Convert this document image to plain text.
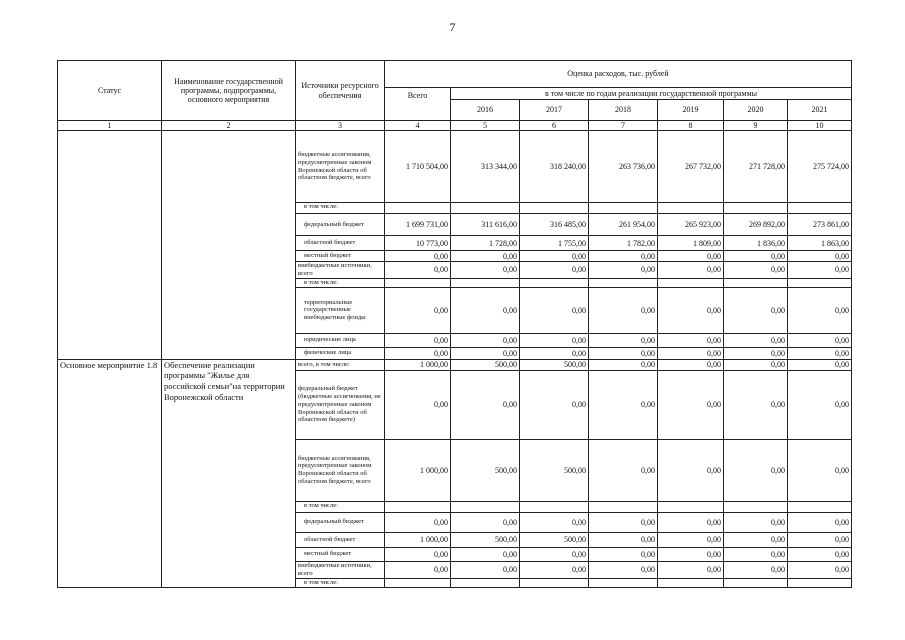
7
Статус	Наименование государственной программы, подпрограммы, основного мероприятия	Источники ресурсного обеспечения	Оценка расходов, тыс. рублей						
			Всего	в том числе по годам реализации государственной программы					
				2016	2017	2018	2019	2020	2021
1	2	3	4	5	6	7	8	9	10
		бюджетные ассигнования, предусмотренные законом Воронежской области об областном бюджете, всего	1 710 504,00	313 344,00	318 240,00	263 736,00	267 732,00	271 728,00	275 724,00
		в том числе:							
		федеральный бюджет	1 699 731,00	311 616,00	316 485,00	261 954,00	265 923,00	269 892,00	273 861,00
		областной бюджет	10 773,00	1 728,00	1 755,00	1 782,00	1 809,00	1 836,00	1 863,00
		местный бюджет	0,00	0,00	0,00	0,00	0,00	0,00	0,00
		внебюджетные источники, всего	0,00	0,00	0,00	0,00	0,00	0,00	0,00
		в том числе:							
		территориальные государственные внебюджетные фонды	0,00	0,00	0,00	0,00	0,00	0,00	0,00
		юридические лица	0,00	0,00	0,00	0,00	0,00	0,00	0,00
		физические лица	0,00	0,00	0,00	0,00	0,00	0,00	0,00
Основное мероприятие 1.8	Обеспечение реализации программы "Жилье для российской семьи"на территории Воронежской области	всего, в том числе:	1 000,00	500,00	500,00	0,00	0,00	0,00	0,00
		федеральный бюджет (бюджетные ассигнования, не предусмотренные законом Воронежской области об областном бюджете)	0,00	0,00	0,00	0,00	0,00	0,00	0,00
		бюджетные ассигнования, предусмотренные законом Воронежской области об областном бюджете, всего	1 000,00	500,00	500,00	0,00	0,00	0,00	0,00
		в том числе:							
		федеральный бюджет	0,00	0,00	0,00	0,00	0,00	0,00	0,00
		областной бюджет	1 000,00	500,00	500,00	0,00	0,00	0,00	0,00
		местный бюджет	0,00	0,00	0,00	0,00	0,00	0,00	0,00
		внебюджетные источники, всего	0,00	0,00	0,00	0,00	0,00	0,00	0,00
		в том числе:							
